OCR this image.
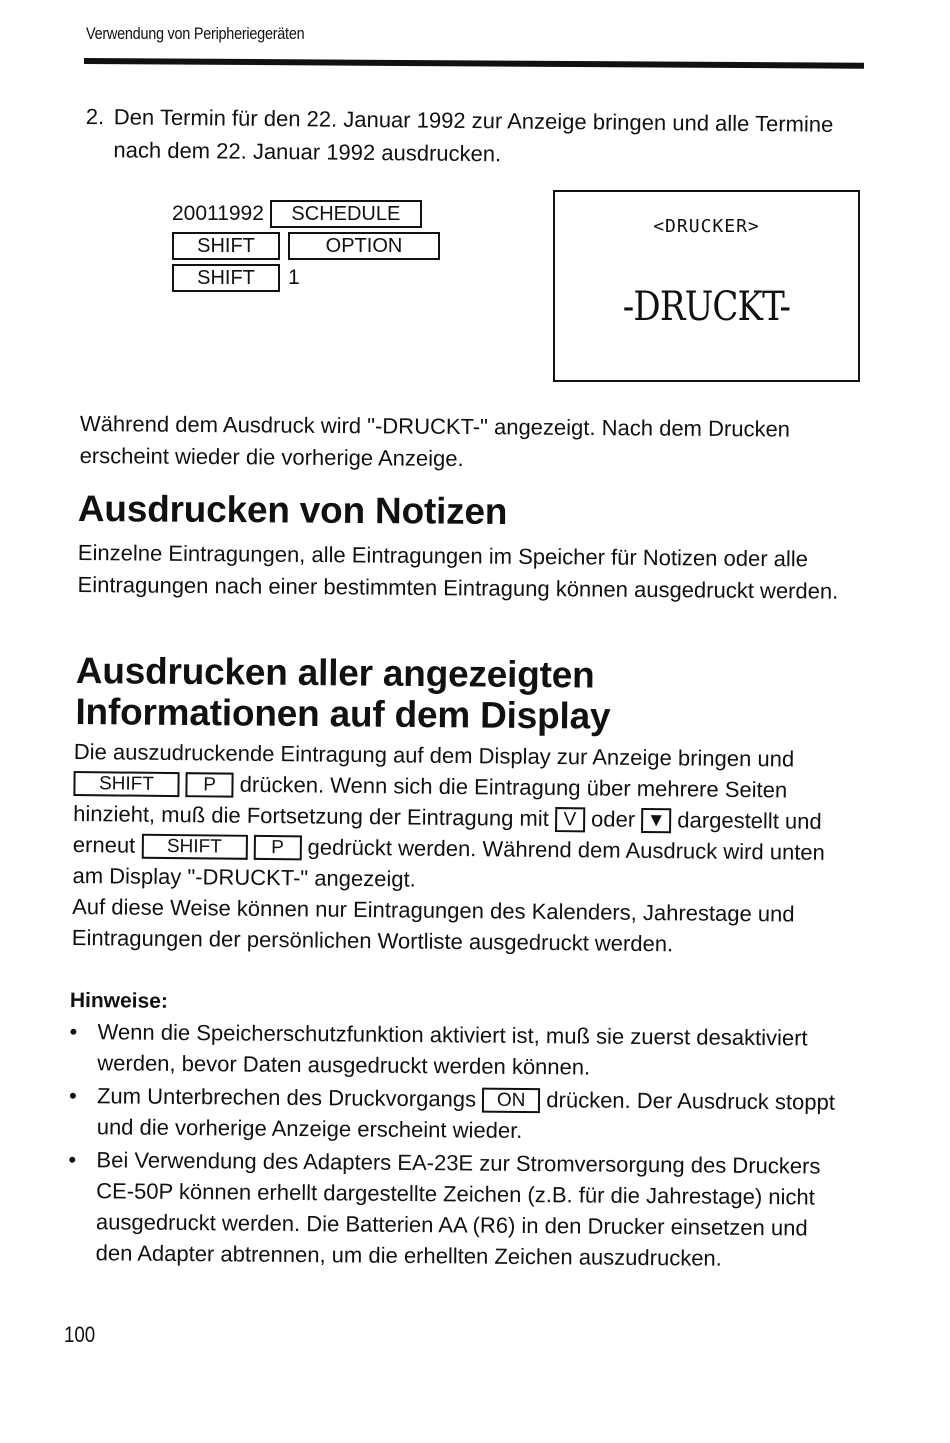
Verwendung von Peripheriegeräten
2. Den Termin für den 22. Januar 1992 zur Anzeige bringen und alle Termine nach dem 22. Januar 1992 ausdrucken.
20011992	SCHEDULE
SHIFT	OPTION
SHIFT	1
<DRUCKER>
-DRUCKT-
Während dem Ausdruck wird "-DRUCKT-" angezeigt. Nach dem Drucken erscheint wieder die vorherige Anzeige.
Ausdrucken von Notizen
Einzelne Eintragungen, alle Eintragungen im Speicher für Notizen oder alle Eintragungen nach einer bestimmten Eintragung können ausgedruckt werden.
Ausdrucken aller angezeigten Informationen auf dem Display
Die auszudruckende Eintragung auf dem Display zur Anzeige bringen und SHIFT	P drücken. Wenn sich die Eintragung über mehrere Seiten hinzieht, muß die Fortsetzung der Eintragung mit V oder ▼ dargestellt und erneut SHIFT	P gedrückt werden. Während dem Ausdruck wird unten am Display "-DRUCKT-" angezeigt.
Auf diese Weise können nur Eintragungen des Kalenders, Jahrestage und Eintragungen der persönlichen Wortliste ausgedruckt werden.
Hinweise:
• Wenn die Speicherschutzfunktion aktiviert ist, muß sie zuerst desaktiviert werden, bevor Daten ausgedruckt werden können.
• Zum Unterbrechen des Druckvorgangs ON drücken. Der Ausdruck stoppt und die vorherige Anzeige erscheint wieder.
• Bei Verwendung des Adapters EA-23E zur Stromversorgung des Druckers CE-50P können erhellt dargestellte Zeichen (z.B. für die Jahrestage) nicht ausgedruckt werden. Die Batterien AA (R6) in den Drucker einsetzen und den Adapter abtrennen, um die erhellten Zeichen auszudrucken.
100
